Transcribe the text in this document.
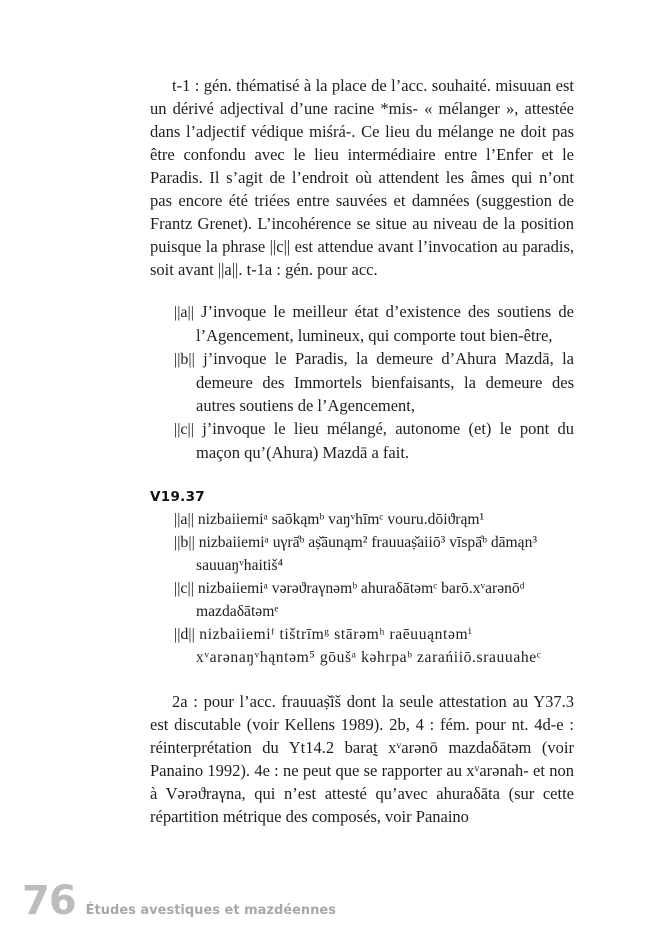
t-1 : gén. thématisé à la place de l’acc. souhaité. misuuan est un dérivé adjectival d’une racine *mis- « mélanger », attestée dans l’adjectif védique miśrá-. Ce lieu du mélange ne doit pas être confondu avec le lieu intermédiaire entre l’Enfer et le Paradis. Il s’agit de l’endroit où attendent les âmes qui n’ont pas encore été triées entre sauvées et damnées (suggestion de Frantz Grenet). L’incohérence se situe au niveau de la position puisque la phrase ||c|| est attendue avant l’invocation au paradis, soit avant ||a||. t-1a : gén. pour acc.

||a|| J’invoque le meilleur état d’existence des soutiens de l’Agencement, lumineux, qui comporte tout bien-être,
||b|| j’invoque le Paradis, la demeure d’Ahura Mazdā, la demeure des Immortels bienfaisants, la demeure des autres soutiens de l’Agencement,
||c|| j’invoque le lieu mélangé, autonome (et) le pont du maçon qu’(Ahura) Mazdā a fait.
V19.37
||a|| nizbaiiemiᵃ saōkąmᵇ vaŋᵛhīmᶜ vouru.dōiϑrąm¹
||b|| nizbaiiemiᵃ uγrā̊ᵇ aṣ̌āunąm² frauuaṣ̌aiiō³ vīspā̊ᵇ dāmąn³ sauuaŋᵛhaitiš⁴
||c|| nizbaiiemiᵃ vərəϑraγnəmᵇ ahuraδātəmᶜ barō.xᵛarənōᵈ mazdaδātəmᵉ
||d|| nizbaiiemiᶠ tištrīmᵍ stārəmʰ raēuuąntəmⁱ xᵛarənaŋᵛhąntəm⁵ gōušᵃ kəhrpaᵇ zarańiiō.srauuaheᶜ

2a : pour l’acc. frauuaṣ̌īš dont la seule attestation au Y37.3 est discutable (voir Kellens 1989). 2b, 4 : fém. pour nt. 4d-e : réinterprétation du Yt14.2 barat̰ xᵛarənō mazdaδātəm (voir Panaino 1992). 4e : ne peut que se rapporter au xᵛarənah- et non à Vərəϑraγna, qui n’est attesté qu’avec ahuraδāta (sur cette répartition métrique des composés, voir Panaino

76 Études avestiques et mazdéennes
